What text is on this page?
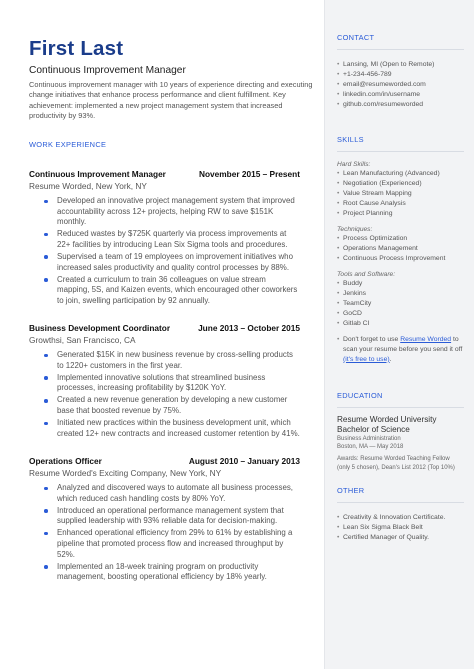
First Last
Continuous Improvement Manager
Continuous improvement manager with 10 years of experience directing and executing change initiatives that enhance process performance and client fulfillment. Key achievement: implemented a new project management system that increased productivity by 93%.
WORK EXPERIENCE
Continuous Improvement Manager	November 2015 – Present
Resume Worded, New York, NY
Developed an innovative project management system that improved accountability across 12+ projects, helping RW to save $151K monthly.
Reduced wastes by $725K quarterly via process improvements at 22+ facilities by introducing Lean Six Sigma tools and procedures.
Supervised a team of 19 employees on improvement initiatives who increased sales productivity and quality control processes by 88%.
Created a curriculum to train 36 colleagues on value stream mapping, 5S, and Kaizen events, which encouraged other coworkers to join, swelling participation by 92 annually.
Business Development Coordinator	June 2013 – October 2015
Growthsi, San Francisco, CA
Generated $15K in new business revenue by cross-selling products to 1220+ customers in the first year.
Implemented innovative solutions that streamlined business processes, increasing profitability by $120K YoY.
Created a new revenue generation by developing a new customer base that boosted revenue by 75%.
Initiated new practices within the business development unit, which created 12+ new contracts and increased customer retention by 41%.
Operations Officer	August 2010 – January 2013
Resume Worded's Exciting Company, New York, NY
Analyzed and discovered ways to automate all business processes, which reduced cash handling costs by 80% YoY.
Introduced an operational performance management system that supplied leadership with 93% reliable data for decision-making.
Enhanced operational efficiency from 29% to 61% by establishing a pipeline that promoted process flow and increased throughput by 52%.
Implemented an 18-week training program on productivity management, boosting operational efficiency by 18% yearly.
CONTACT
• Lansing, MI (Open to Remote)
• +1-234-456-789
• email@resumeworded.com
• linkedin.com/in/username
• github.com/resumeworded
SKILLS
Hard Skills:
• Lean Manufacturing (Advanced)
• Negotiation (Experienced)
• Value Stream Mapping
• Root Cause Analysis
• Project Planning
Techniques:
• Process Optimization
• Operations Management
• Continuous Process Improvement
Tools and Software:
• Buddy
• Jenkins
• TeamCity
• GoCD
• Gitlab CI
• Don't forget to use Resume Worded to scan your resume before you send it off (it's free to use).
EDUCATION
Resume Worded University
Bachelor of Science
Business Administration
Boston, MA — May 2018
Awards: Resume Worded Teaching Fellow (only 5 chosen), Dean's List 2012 (Top 10%)
OTHER
• Creativity & Innovation Certificate.
• Lean Six Sigma Black Belt
• Certified Manager of Quality.
